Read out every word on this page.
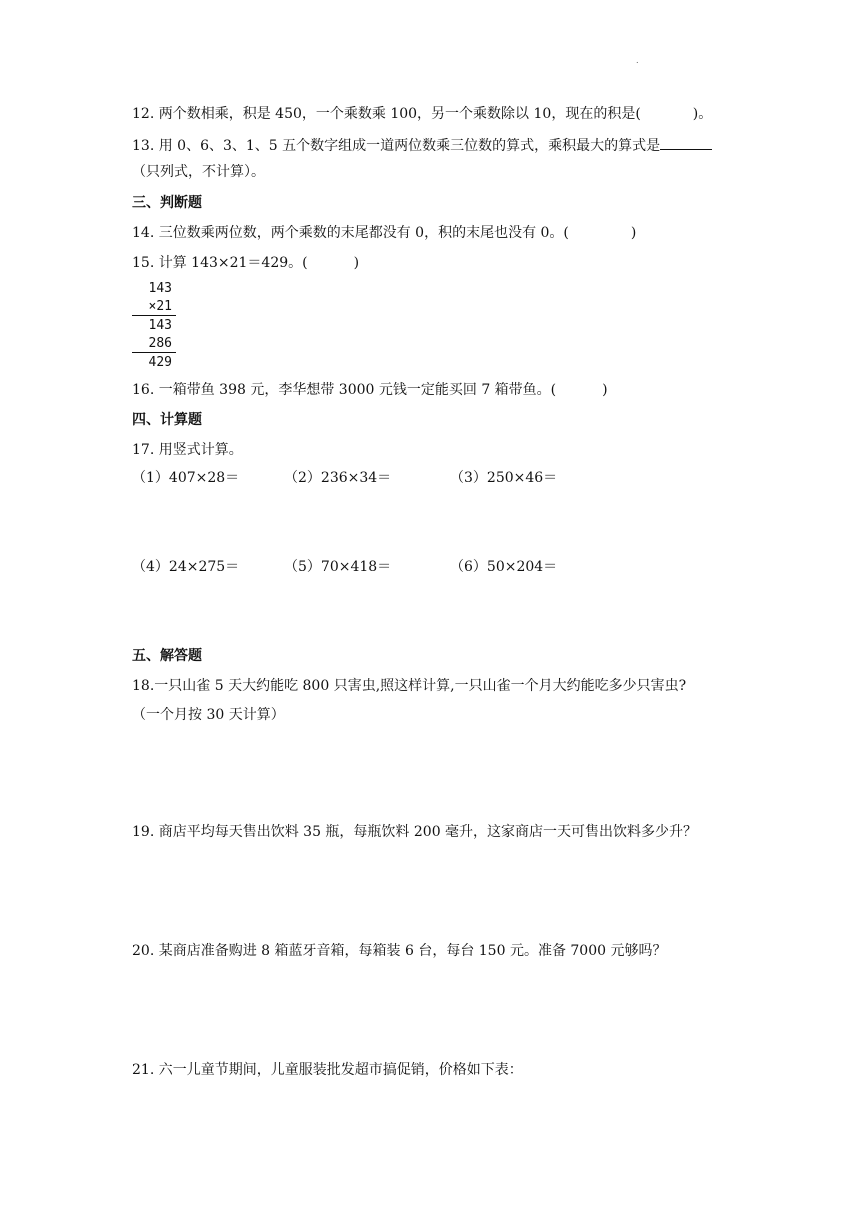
.
12. 两个数相乘，积是 450，一个乘数乘 100，另一个乘数除以 10，现在的积是(	)。
13. 用 0、6、3、1、5 五个数字组成一道两位数乘三位数的算式，乘积最大的算式是
（只列式，不计算）。
三、判断题
14. 三位数乘两位数，两个乘数的末尾都没有 0，积的末尾也没有 0。(	)
15. 计算 143×21＝429。(	)
143
×21
143
286
429
16. 一箱带鱼 398 元，李华想带 3000 元钱一定能买回 7 箱带鱼。(	)
四、计算题
17. 用竖式计算。
（1）407×28＝	（2）236×34＝	（3）250×46＝
（4）24×275＝	（5）70×418＝	（6）50×204＝
五、解答题
18.一只山雀 5 天大约能吃 800 只害虫,照这样计算,一只山雀一个月大约能吃多少只害虫?
（一个月按 30 天计算）
19. 商店平均每天售出饮料 35 瓶，每瓶饮料 200 毫升，这家商店一天可售出饮料多少升？
20. 某商店准备购进 8 箱蓝牙音箱，每箱装 6 台，每台 150 元。准备 7000 元够吗？
21. 六一儿童节期间，儿童服装批发超市搞促销，价格如下表：
